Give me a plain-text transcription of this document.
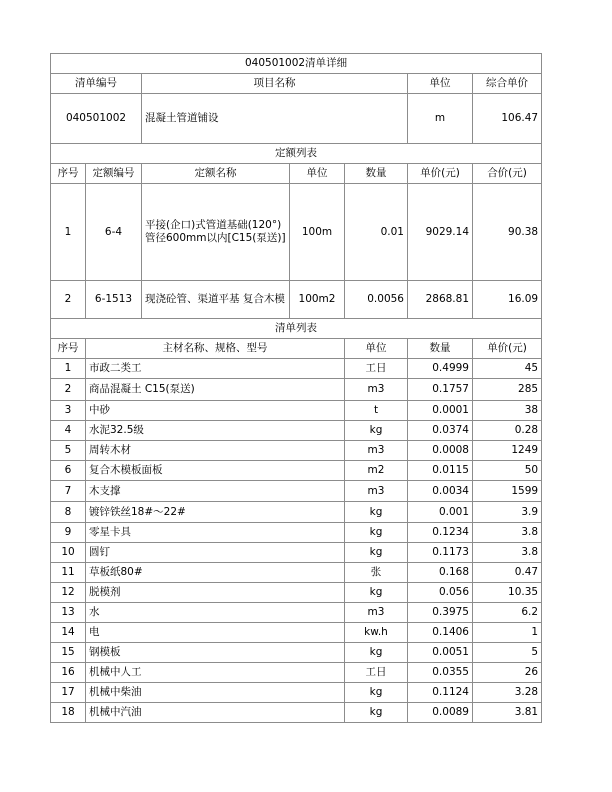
040501002清单详细							
清单编号		项目名称			单位	综合单价	
040501002		混凝土管道铺设			m	106.47	
定额列表							
序号	定额编号	定额名称	单位	数量	单价(元)	合价(元)	
1	6-4	平接(企口)式管道基础(120°)管径600mm以内[C15(泵送)]	100m	0.01	9029.14	90.38	
2	6-1513	现浇砼管、渠道平基 复合木模	100m2	0.0056	2868.81	16.09	
清单列表							
序号	主材名称、规格、型号			单位	数量	单价(元)	
1	市政二类工			工日	0.4999	45	
2	商品混凝土 C15(泵送)			m3	0.1757	285	
3	中砂			t	0.0001	38	
4	水泥32.5级			kg	0.0374	0.28	
5	周转木材			m3	0.0008	1249	
6	复合木模板面板			m2	0.0115	50	
7	木支撑			m3	0.0034	1599	
8	镀锌铁丝18#～22#			kg	0.001	3.9	
9	零星卡具			kg	0.1234	3.8	
10	圆钉			kg	0.1173	3.8	
11	草板纸80#			张	0.168	0.47	
12	脱模剂			kg	0.056	10.35	
13	水			m3	0.3975	6.2	
14	电			kw.h	0.1406	1	
15	钢模板			kg	0.0051	5	
16	机械中人工			工日	0.0355	26	
17	机械中柴油			kg	0.1124	3.28	
18	机械中汽油			kg	0.0089	3.81	
